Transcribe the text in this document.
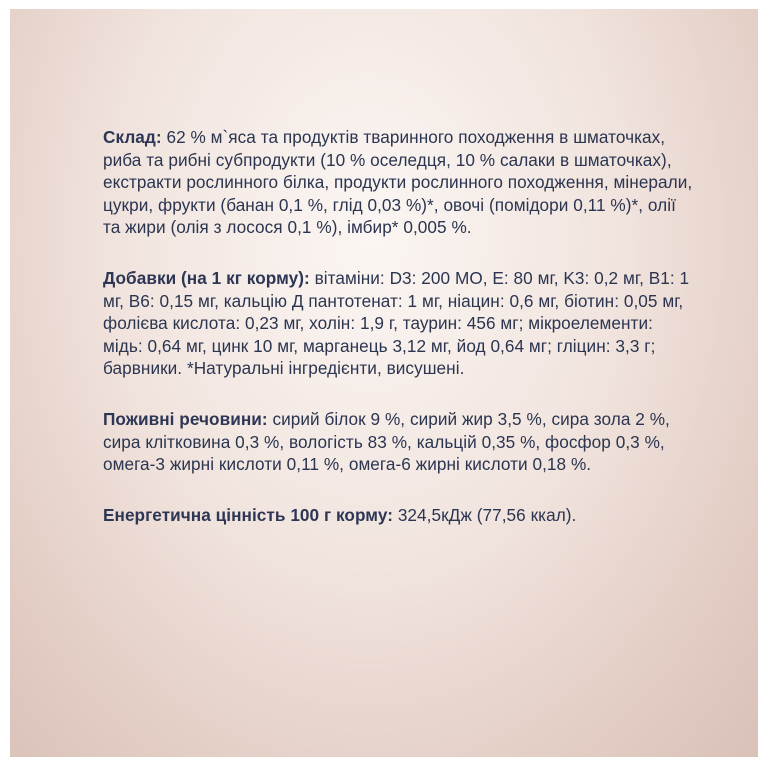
Склад: 62 % м`яса та продуктів тваринного походження в шматочках, риба та рибні субпродукти (10 % оселедця, 10 % салаки в шматочках), екстракти рослинного білка, продукти рослинного походження, мінерали, цукри, фрукти (банан 0,1 %, глід 0,03 %)*, овочі (помідори 0,11 %)*, олії та жири (олія з лосося 0,1 %), імбир* 0,005 %.

Добавки (на 1 кг корму): вітаміни: D3: 200 МО, E: 80 мг, K3: 0,2 мг, B1: 1 мг, B6: 0,15 мг, кальцію Д пантотенат: 1 мг, ніацин: 0,6 мг, біотин: 0,05 мг, фолієва кислота: 0,23 мг, холін: 1,9 г, таурин: 456 мг; мікроелементи: мідь: 0,64 мг, цинк 10 мг, марганець 3,12 мг, йод 0,64 мг; гліцин: 3,3 г; барвники. *Натуральні інгредієнти, висушені.

Поживні речовини: сирий білок 9 %, сирий жир 3,5 %, сира зола 2 %, сира клітковина 0,3 %, вологість 83 %, кальцій 0,35 %, фосфор 0,3 %, омега-3 жирні кислоти 0,11 %, омега-6 жирні кислоти 0,18 %.

Енергетична цінність 100 г корму: 324,5кДж (77,56 ккал).
